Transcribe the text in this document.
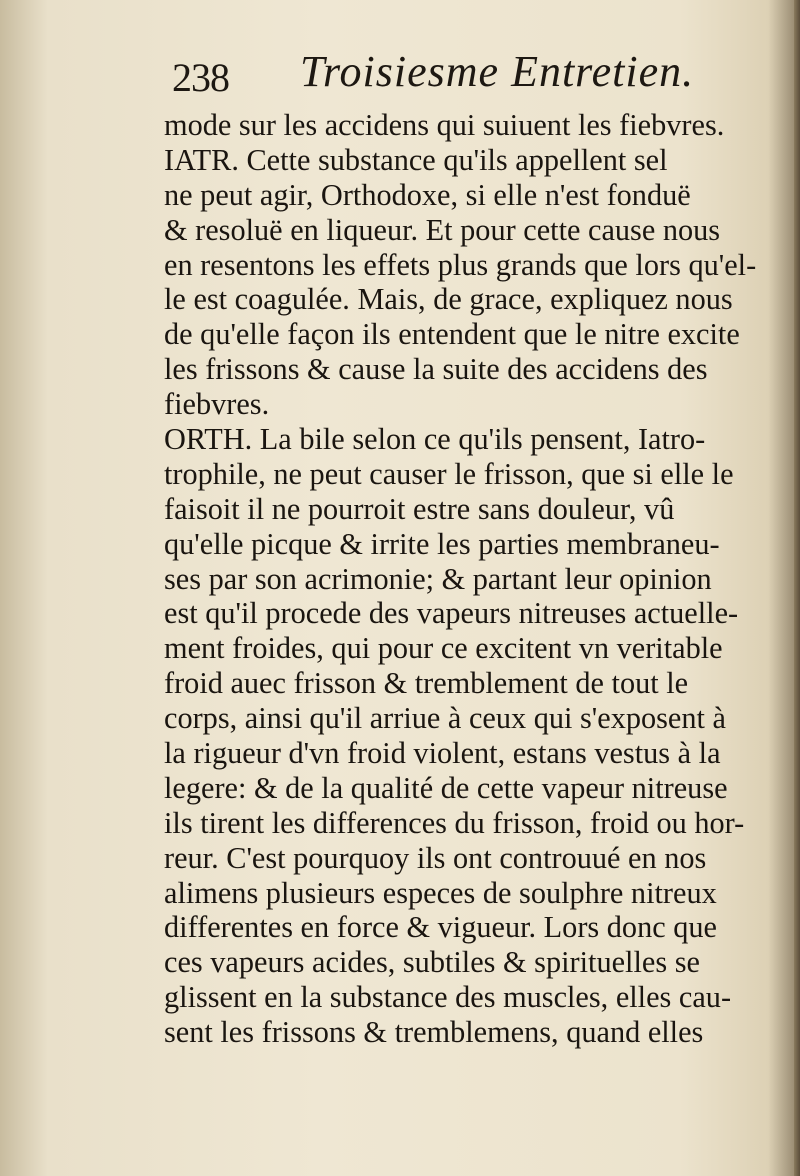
238 Troisiesme Entretien.
mode sur les accidens qui suiuent les fiebvres.
IATR. Cette substance qu'ils appellent sel
ne peut agir, Orthodoxe, si elle n'est fonduë
& resoluë en liqueur. Et pour cette cause nous
en resentons les effets plus grands que lors qu'el-
le est coagulée. Mais, de grace, expliquez nous
de qu'elle façon ils entendent que le nitre excite
les frissons & cause la suite des accidens des
fiebvres.
ORTH. La bile selon ce qu'ils pensent, Iatro-
trophile, ne peut causer le frisson, que si elle le
faisoit il ne pourroit estre sans douleur, vû
qu'elle picque & irrite les parties membraneu-
ses par son acrimonie; & partant leur opinion
est qu'il procede des vapeurs nitreuses actuelle-
ment froides, qui pour ce excitent vn veritable
froid auec frisson & tremblement de tout le
corps, ainsi qu'il arriue à ceux qui s'exposent à
la rigueur d'vn froid violent, estans vestus à la
legere: & de la qualité de cette vapeur nitreuse
ils tirent les differences du frisson, froid ou hor-
reur. C'est pourquoy ils ont controuué en nos
alimens plusieurs especes de soulphre nitreux
differentes en force & vigueur. Lors donc que
ces vapeurs acides, subtiles & spirituelles se
glissent en la substance des muscles, elles cau-
sent les frissons & tremblemens, quand elles
